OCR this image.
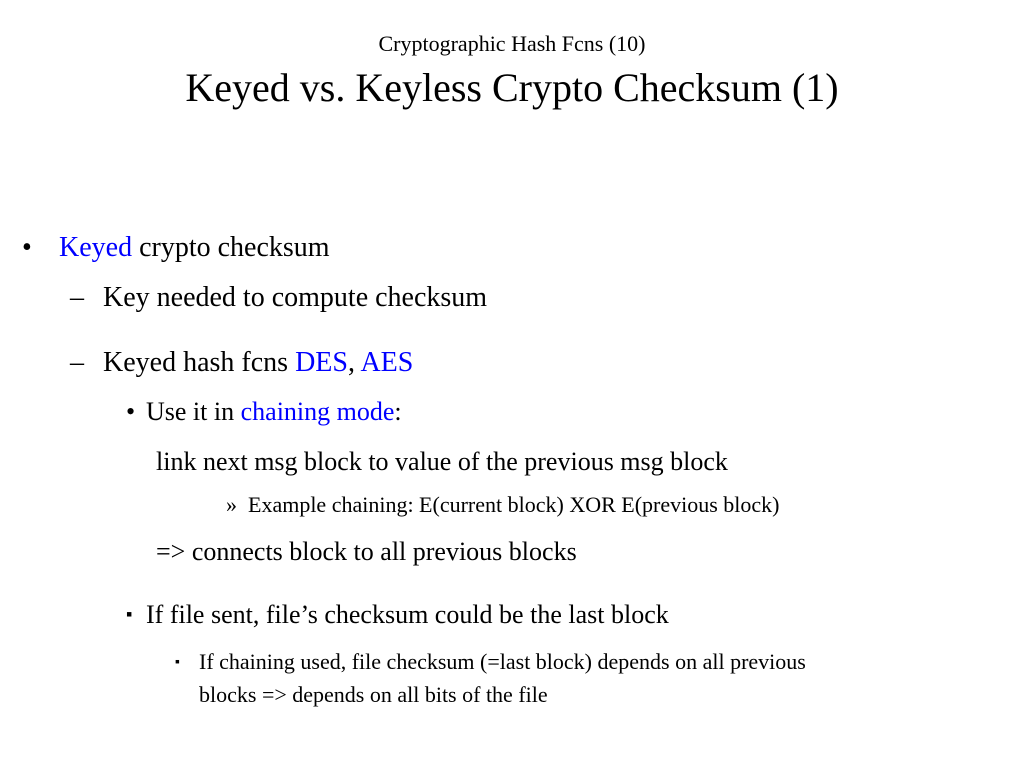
Cryptographic Hash Fcns (10)
Keyed vs. Keyless Crypto Checksum (1)
• Keyed crypto checksum
– Key needed to compute checksum
– Keyed hash fcns DES, AES
• Use it in chaining mode:
link next msg block to value of the previous msg block
» Example chaining: E(current block) XOR E(previous block)
=> connects block to all previous blocks
▪ If file sent, file’s checksum could be the last block
▪ If chaining used, file checksum (=last block) depends on all previous
blocks => depends on all bits of the file
